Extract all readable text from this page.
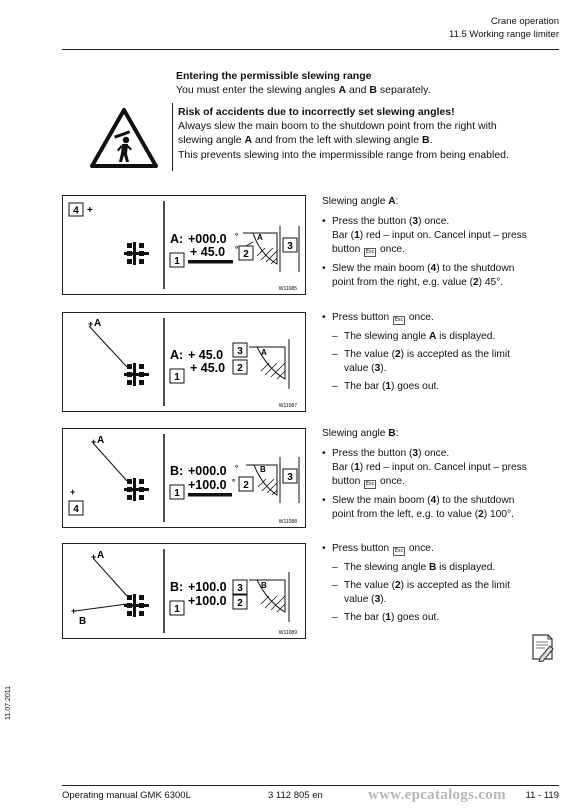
Crane operation
11.5 Working range limiter
Entering the permissible slewing range
You must enter the slewing angles A and B separately.
Risk of accidents due to incorrectly set slewing angles!
Always slew the main boom to the shutdown point from the right with
slewing angle A and from the left with slewing angle B.
This prevents slewing into the impermissible range from being enabled.
4 +
A: +000.0 °
+ 45.0 °
1
A
2
3
W11085
+ A
A: + 45.0
+ 45.0
1
3
2
A
W11087
+ A
+
4
B: +000.0 °
+100.0 °
1
B
2
3
W11088
+ A
+
B
B: +100.0
+100.0
1
3
2
B
W11089
Slewing angle A:
• Press the button (3) once.
Bar (1) red – input on. Cancel input – press
button Esc once.
• Slew the main boom (4) to the shutdown
point from the right, e.g. value (2) 45°.
• Press button Esc once.
– The slewing angle A is displayed.
– The value (2) is accepted as the limit
value (3).
– The bar (1) goes out.
Slewing angle B:
• Press the button (3) once.
Bar (1) red – input on. Cancel input – press
button Esc once.
• Slew the main boom (4) to the shutdown
point from the left, e.g. to value (2) 100°.
• Press button Esc once.
– The slewing angle B is displayed.
– The value (2) is accepted as the limit
value (3).
– The bar (1) goes out.
11.07.2011
Operating manual GMK 6300L	3 112 805 en	www.epcatalogs.com 11 - 119
